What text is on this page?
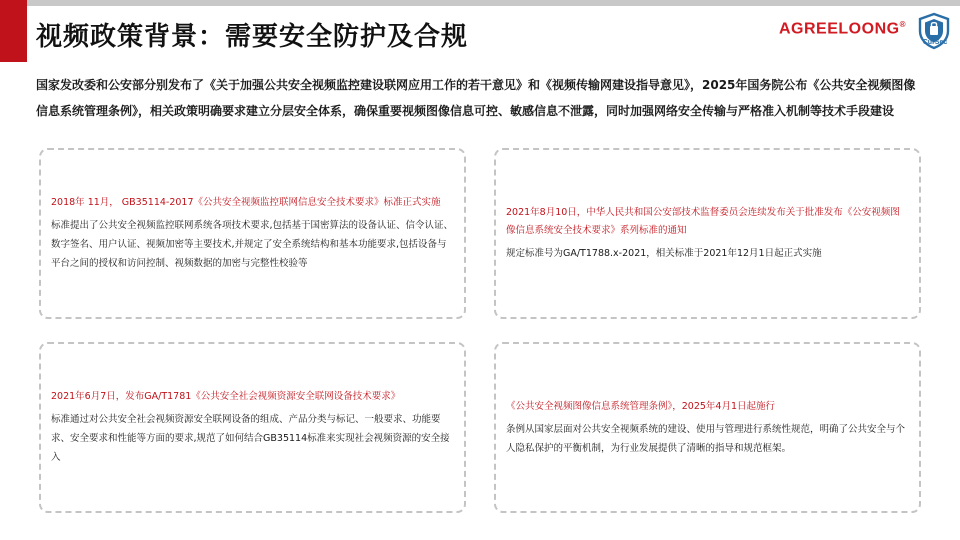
视频政策背景：需要安全防护及合规	AGREELOONG®
CurSec
国家发改委和公安部分别发布了《关于加强公共安全视频监控建设联网应用工作的若干意见》和《视频传输网建设指导意见》，2025年国务院公布《公共安全视频图像信息系统管理条例》，相关政策明确要求建立分层安全体系，确保重要视频图像信息可控、敏感信息不泄露，同时加强网络安全传输与严格准入机制等技术手段建设
2018年 11月， GB35114-2017《公共安全视频监控联网信息安全技术要求》标准正式实施
标准提出了公共安全视频监控联网系统各项技术要求,包括基于国密算法的设备认证、信令认证、数字签名、用户认证、视频加密等主要技术,并规定了安全系统结构和基本功能要求,包括设备与平台之间的授权和访问控制、视频数据的加密与完整性校验等
2021年8月10日，中华人民共和国公安部技术监督委员会连续发布关于批准发布《公安视频图像信息系统安全技术要求》系列标准的通知
规定标准号为GA/T1788.x-2021，相关标准于2021年12月1日起正式实施
2021年6月7日，发布GA/T1781《公共安全社会视频资源安全联网设备技术要求》
标准通过对公共安全社会视频资源安全联网设备的组成、产品分类与标记、一般要求、功能要求、安全要求和性能等方面的要求,规范了如何结合GB35114标准来实现社会视频资源的安全接入
《公共安全视频图像信息系统管理条例》，2025年4月1日起施行
条例从国家层面对公共安全视频系统的建设、使用与管理进行系统性规范，明确了公共安全与个人隐私保护的平衡机制，为行业发展提供了清晰的指导和规范框架。
